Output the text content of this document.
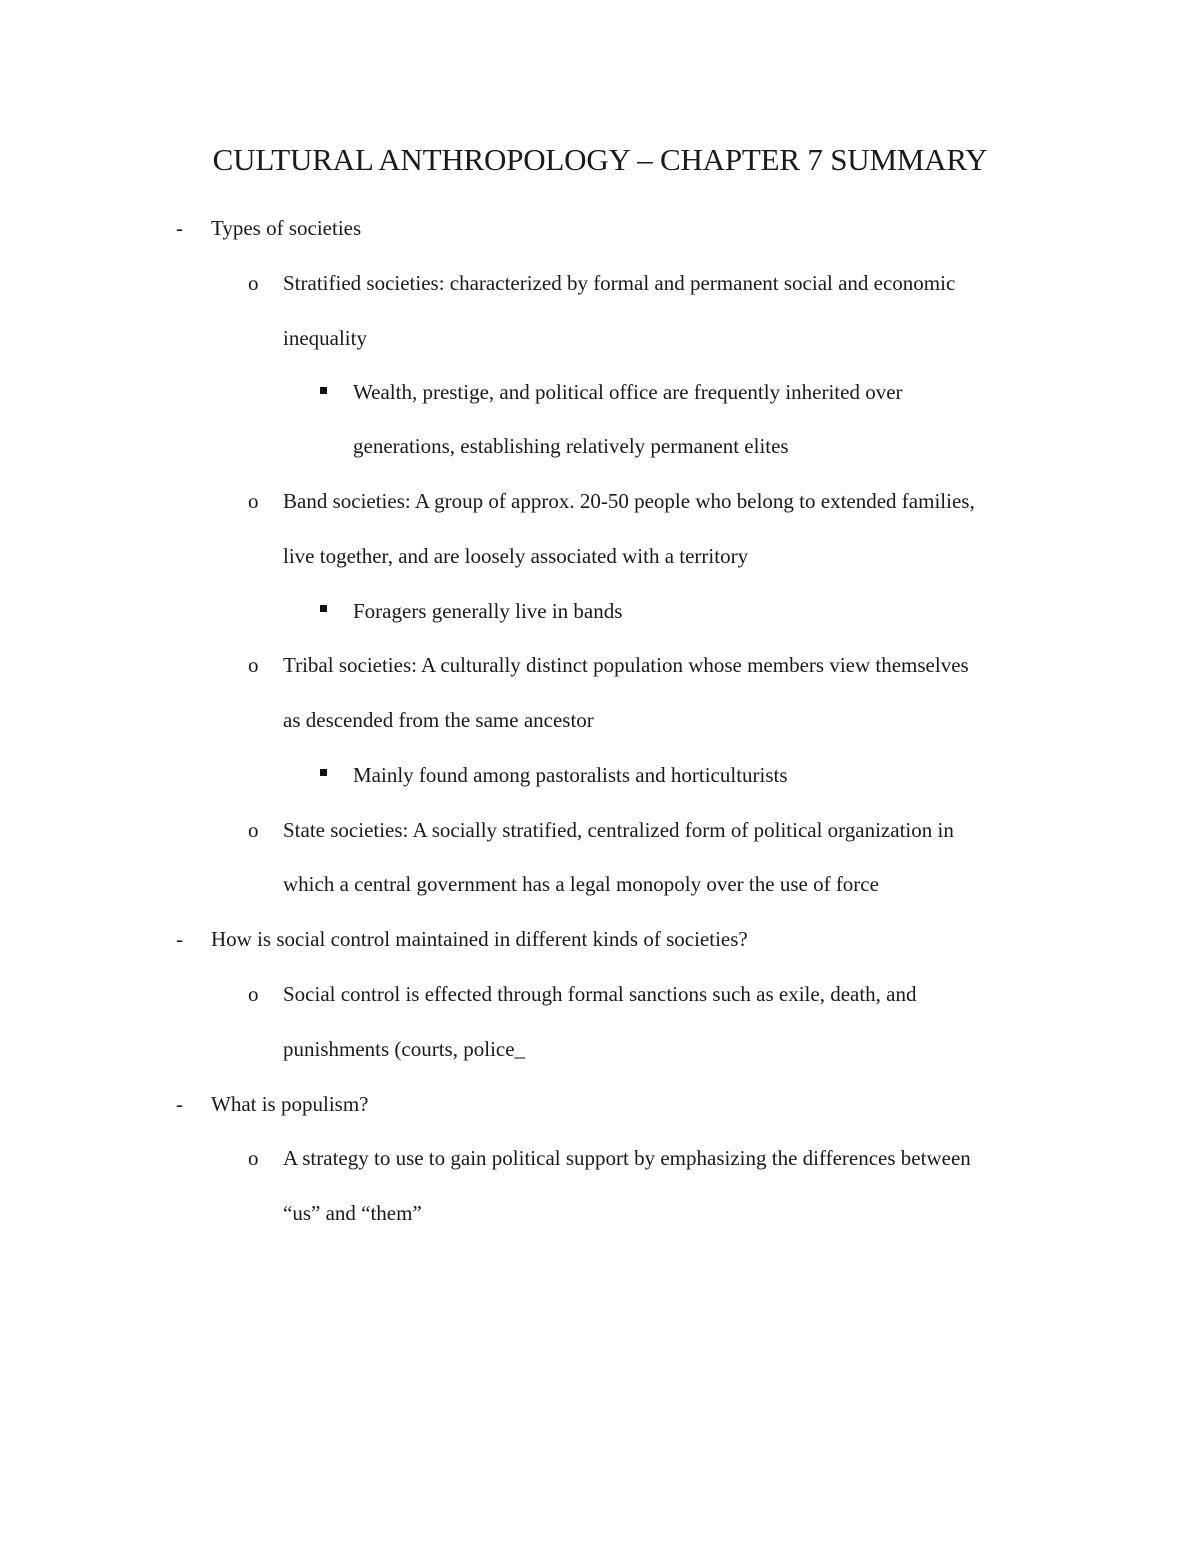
CULTURAL ANTHROPOLOGY – CHAPTER 7 SUMMARY
- Types of societies
o Stratified societies: characterized by formal and permanent social and economic
inequality
Wealth, prestige, and political office are frequently inherited over
generations, establishing relatively permanent elites
o Band societies: A group of approx. 20-50 people who belong to extended families,
live together, and are loosely associated with a territory
Foragers generally live in bands
o Tribal societies: A culturally distinct population whose members view themselves
as descended from the same ancestor
Mainly found among pastoralists and horticulturists
o State societies: A socially stratified, centralized form of political organization in
which a central government has a legal monopoly over the use of force
- How is social control maintained in different kinds of societies?
o Social control is effected through formal sanctions such as exile, death, and
punishments (courts, police_
- What is populism?
o A strategy to use to gain political support by emphasizing the differences between
“us” and “them”
